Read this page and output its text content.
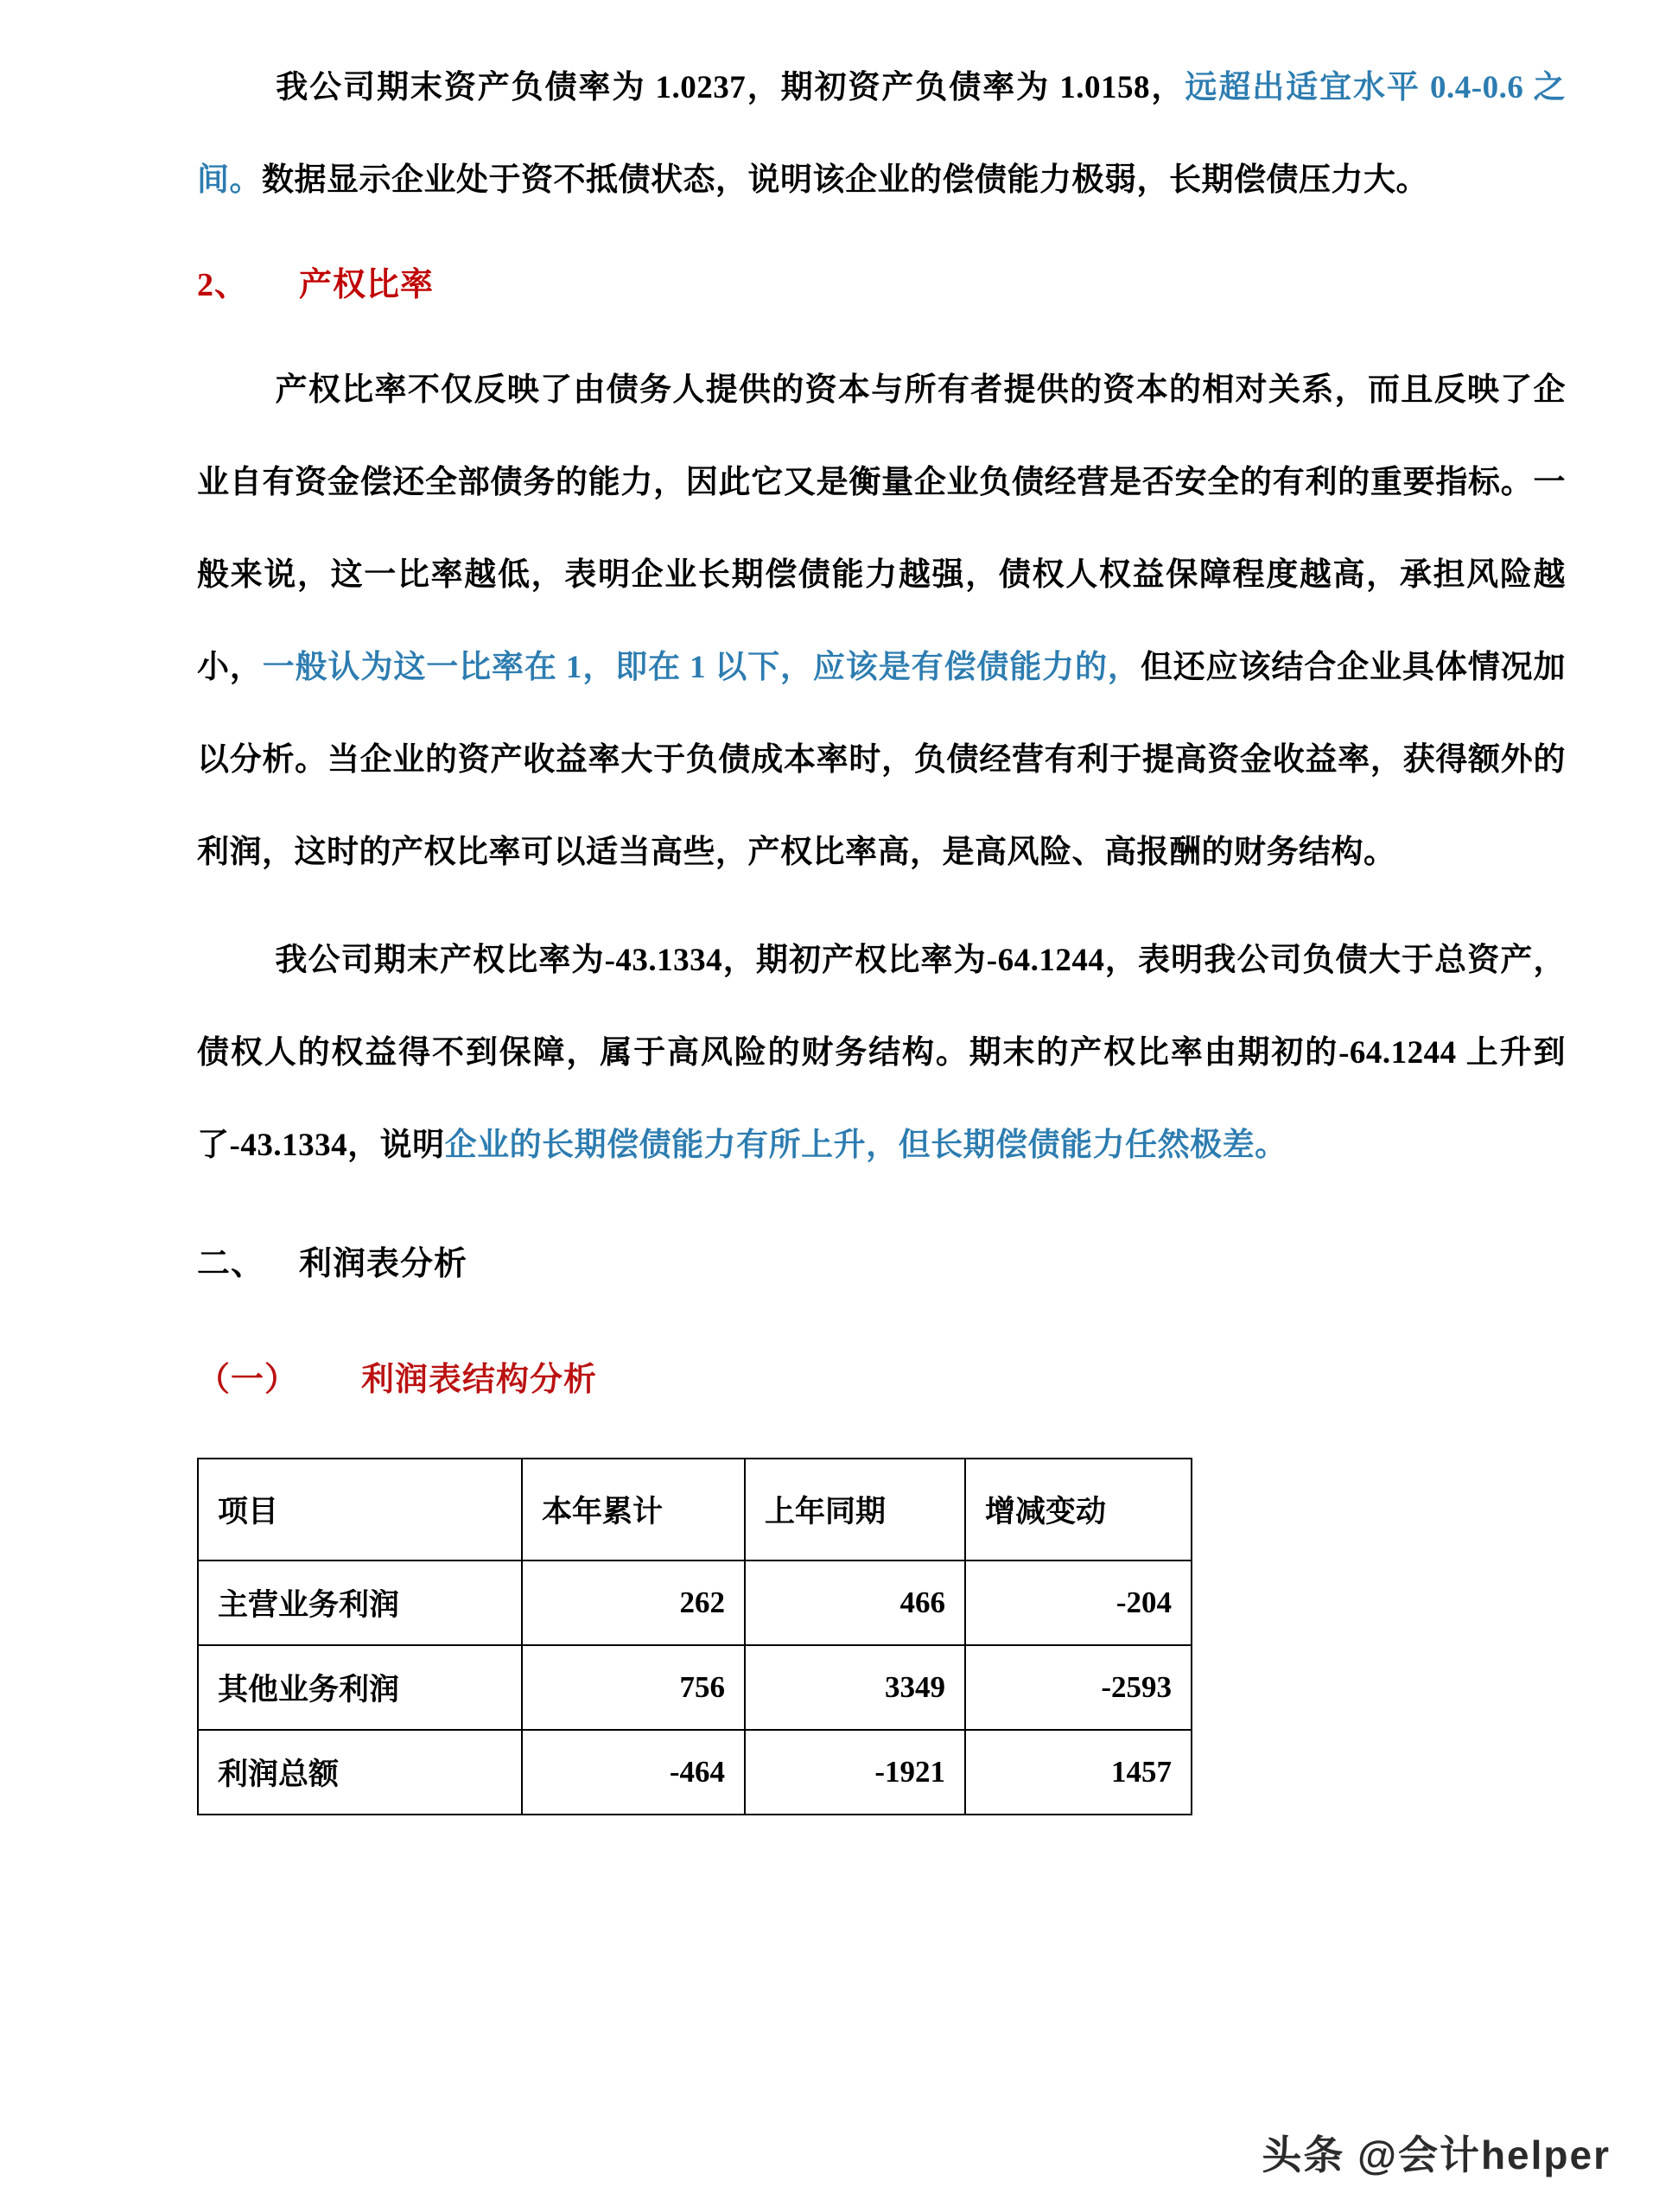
我公司期末资产负债率为 1.0237，期初资产负债率为 1.0158，远超出适宜水平 0.4-0.6 之间。数据显示企业处于资不抵债状态，说明该企业的偿债能力极弱，长期偿债压力大。

2、 产权比率

产权比率不仅反映了由债务人提供的资本与所有者提供的资本的相对关系，而且反映了企业自有资金偿还全部债务的能力，因此它又是衡量企业负债经营是否安全的有利的重要指标。一般来说，这一比率越低，表明企业长期偿债能力越强，债权人权益保障程度越高，承担风险越小，一般认为这一比率在 1，即在 1 以下，应该是有偿债能力的，但还应该结合企业具体情况加以分析。当企业的资产收益率大于负债成本率时，负债经营有利于提高资金收益率，获得额外的利润，这时的产权比率可以适当高些，产权比率高，是高风险、高报酬的财务结构。

我公司期末产权比率为-43.1334，期初产权比率为-64.1244，表明我公司负债大于总资产，债权人的权益得不到保障，属于高风险的财务结构。期末的产权比率由期初的-64.1244 上升到了-43.1334，说明企业的长期偿债能力有所上升，但长期偿债能力任然极差。

二、 利润表分析
（一） 利润表结构分析
项目	本年累计	上年同期	增减变动
主营业务利润	262	466	-204
其他业务利润	756	3349	-2593
利润总额	-464	-1921	1457
头条 @会计helper
